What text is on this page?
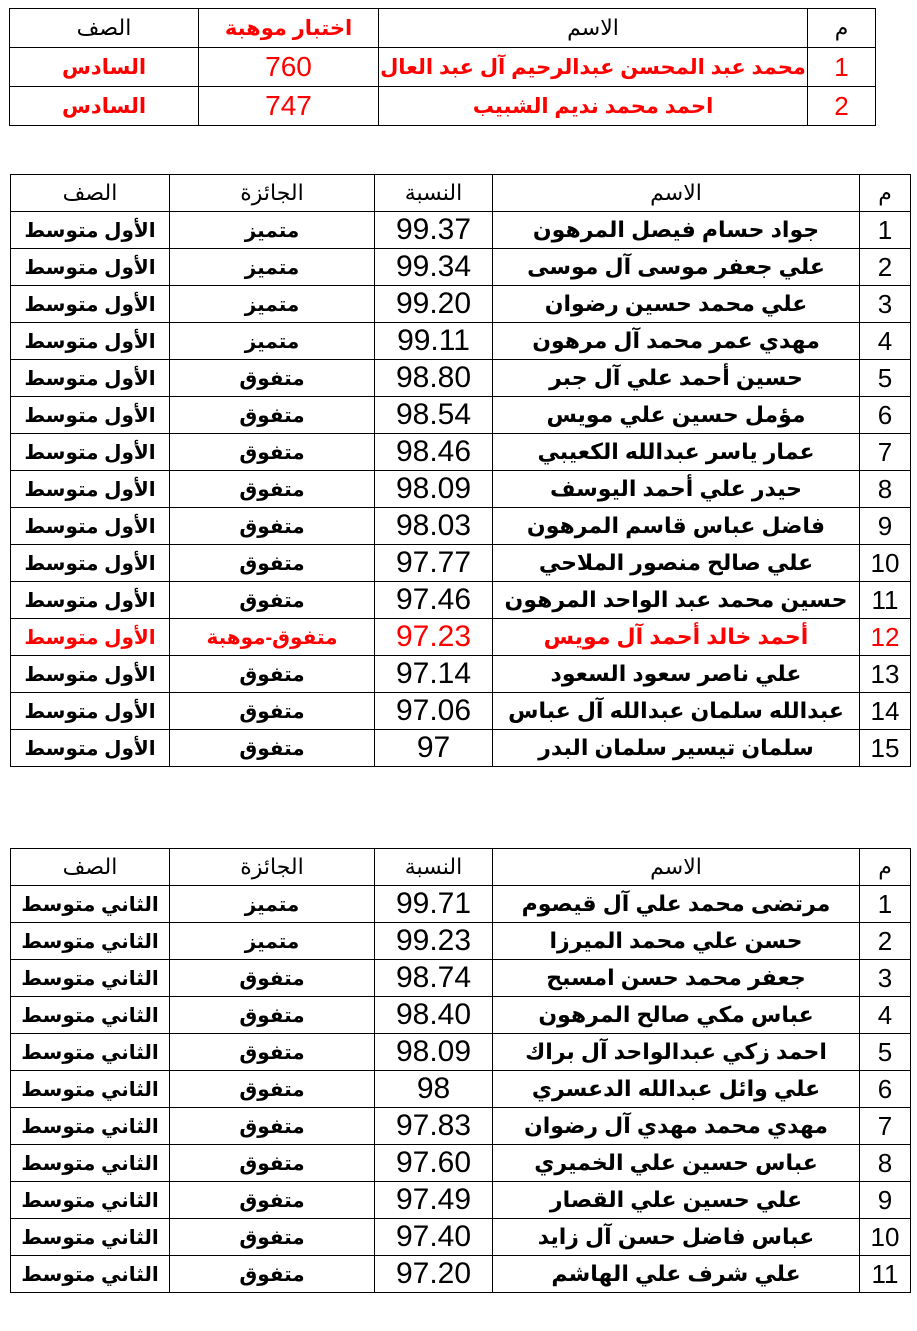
الصف	اختبار موهبة	الاسم	م
السادس	760	محمد عبد المحسن عبدالرحيم آل عبد العال	1
السادس	747	احمد محمد نديم الشبيب	2
الصف	الجائزة	النسبة	الاسم	م
الأول متوسط	متميز	99.37	جواد حسام فيصل المرهون	1
الأول متوسط	متميز	99.34	علي جعفر موسى آل موسى	2
الأول متوسط	متميز	99.20	علي محمد حسين رضوان	3
الأول متوسط	متميز	99.11	مهدي عمر محمد آل مرهون	4
الأول متوسط	متفوق	98.80	حسين أحمد علي آل جبر	5
الأول متوسط	متفوق	98.54	مؤمل حسين علي مويس	6
الأول متوسط	متفوق	98.46	عمار ياسر عبدالله الكعيبي	7
الأول متوسط	متفوق	98.09	حيدر علي أحمد اليوسف	8
الأول متوسط	متفوق	98.03	فاضل عباس قاسم المرهون	9
الأول متوسط	متفوق	97.77	علي صالح منصور الملاحي	10
الأول متوسط	متفوق	97.46	حسين محمد عبد الواحد المرهون	11
الأول متوسط	متفوق-موهبة	97.23	أحمد خالد أحمد آل مويس	12
الأول متوسط	متفوق	97.14	علي ناصر سعود السعود	13
الأول متوسط	متفوق	97.06	عبدالله سلمان عبدالله آل عباس	14
الأول متوسط	متفوق	97	سلمان تيسير سلمان البدر	15
الصف	الجائزة	النسبة	الاسم	م
الثاني متوسط	متميز	99.71	مرتضى محمد علي آل قيصوم	1
الثاني متوسط	متميز	99.23	حسن علي محمد الميرزا	2
الثاني متوسط	متفوق	98.74	جعفر محمد حسن امسبح	3
الثاني متوسط	متفوق	98.40	عباس مكي صالح المرهون	4
الثاني متوسط	متفوق	98.09	احمد زكي عبدالواحد آل براك	5
الثاني متوسط	متفوق	98	علي وائل عبدالله الدعسري	6
الثاني متوسط	متفوق	97.83	مهدي محمد مهدي آل رضوان	7
الثاني متوسط	متفوق	97.60	عباس حسين علي الخميري	8
الثاني متوسط	متفوق	97.49	علي حسين علي القصار	9
الثاني متوسط	متفوق	97.40	عباس فاضل حسن آل زايد	10
الثاني متوسط	متفوق	97.20	علي شرف علي الهاشم	11
